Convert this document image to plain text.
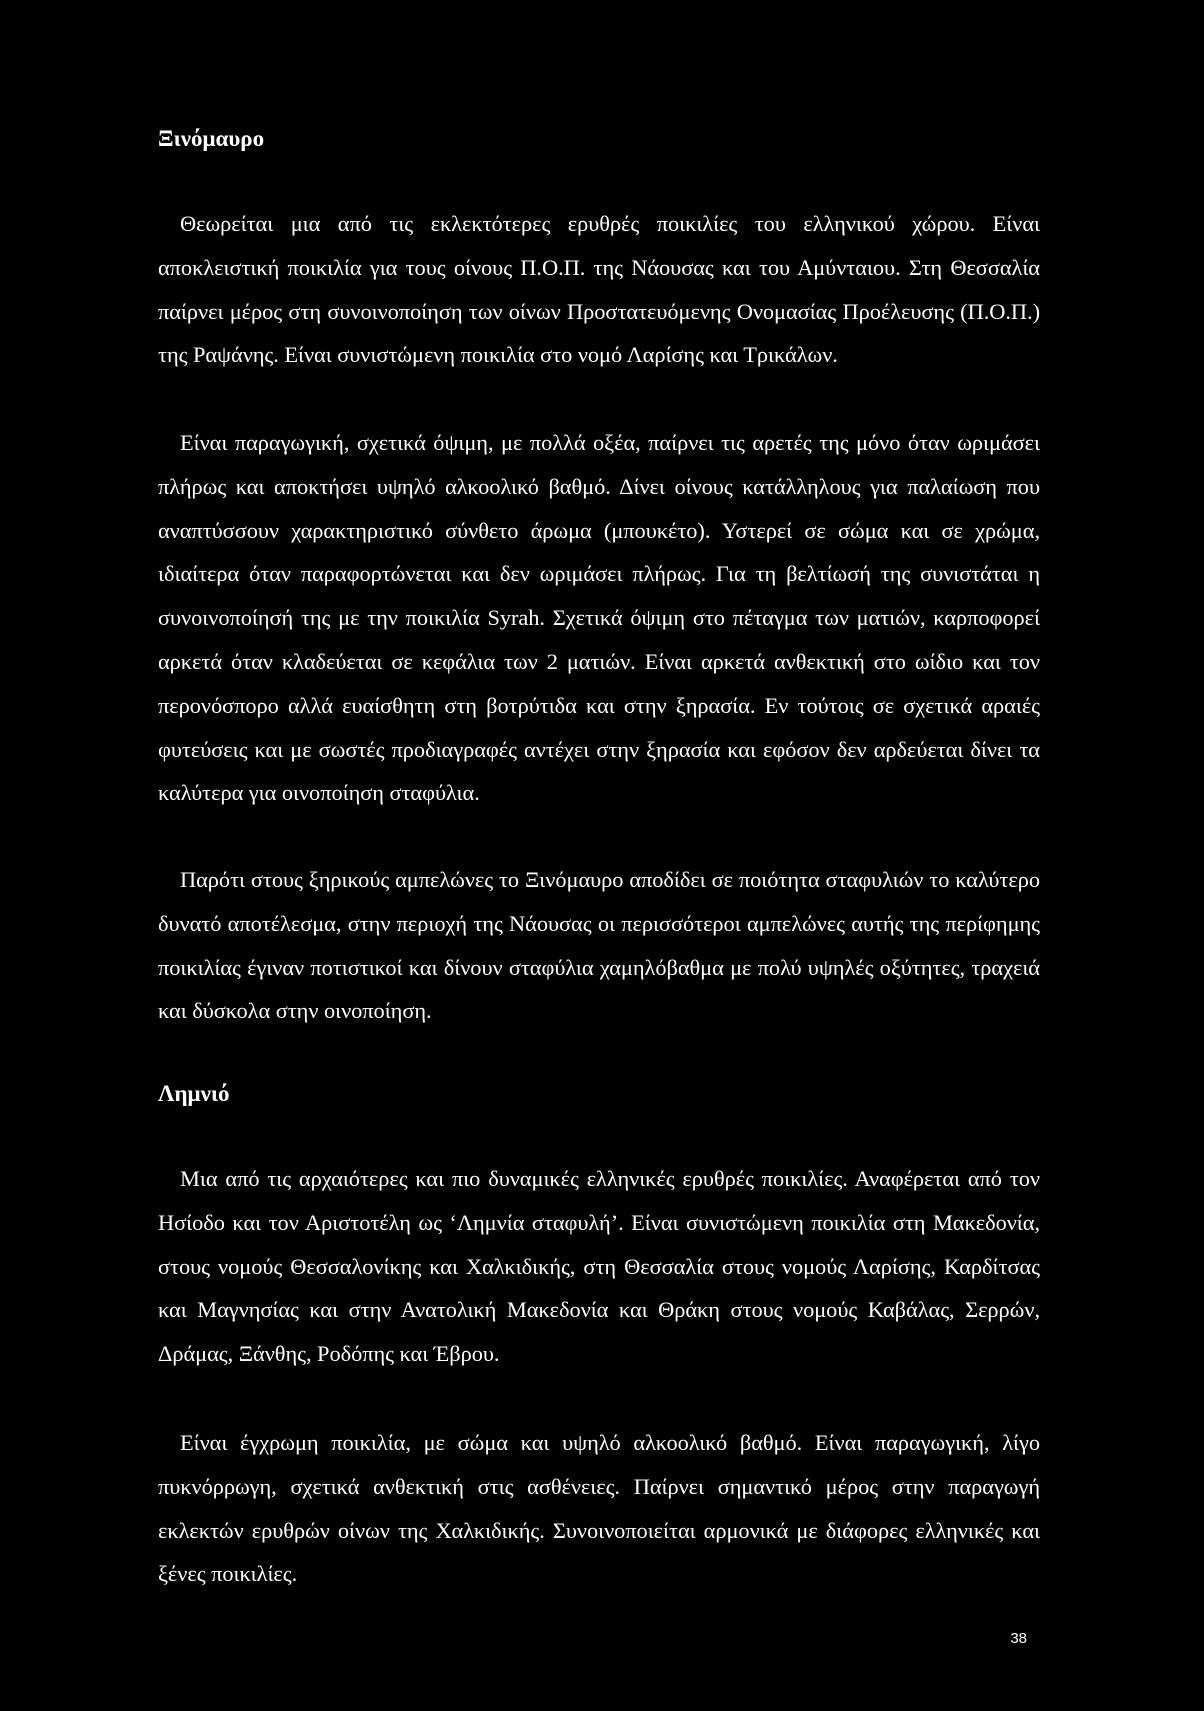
Ξινόμαυρο

Θεωρείται μια από τις εκλεκτότερες ερυθρές ποικιλίες του ελληνικού χώρου. Είναι αποκλειστική ποικιλία για τους οίνους Π.Ο.Π. της Νάουσας και του Αμύνταιου. Στη Θεσσαλία παίρνει μέρος στη συνοινοποίηση των οίνων Προστατευόμενης Ονομασίας Προέλευσης (Π.Ο.Π.) της Ραψάνης. Είναι συνιστώμενη ποικιλία στο νομό Λαρίσης και Τρικάλων.

Είναι παραγωγική, σχετικά όψιμη, με πολλά οξέα, παίρνει τις αρετές της μόνο όταν ωριμάσει πλήρως και αποκτήσει υψηλό αλκοολικό βαθμό. Δίνει οίνους κατάλληλους για παλαίωση που αναπτύσσουν χαρακτηριστικό σύνθετο άρωμα (μπουκέτο). Υστερεί σε σώμα και σε χρώμα, ιδιαίτερα όταν παραφορτώνεται και δεν ωριμάσει πλήρως. Για τη βελτίωσή της συνιστάται η συνοινοποίησή της με την ποικιλία Syrah. Σχετικά όψιμη στο πέταγμα των ματιών, καρποφορεί αρκετά όταν κλαδεύεται σε κεφάλια των 2 ματιών. Είναι αρκετά ανθεκτική στο ωίδιο και τον περονόσπορο αλλά ευαίσθητη στη βοτρύτιδα και στην ξηρασία. Εν τούτοις σε σχετικά αραιές φυτεύσεις και με σωστές προδιαγραφές αντέχει στην ξηρασία και εφόσον δεν αρδεύεται δίνει τα καλύτερα για οινοποίηση σταφύλια.

Παρότι στους ξηρικούς αμπελώνες το Ξινόμαυρο αποδίδει σε ποιότητα σταφυλιών το καλύτερο δυνατό αποτέλεσμα, στην περιοχή της Νάουσας οι περισσότεροι αμπελώνες αυτής της περίφημης ποικιλίας έγιναν ποτιστικοί και δίνουν σταφύλια χαμηλόβαθμα με πολύ υψηλές οξύτητες, τραχειά και δύσκολα στην οινοποίηση.

Λημνιό

Μια από τις αρχαιότερες και πιο δυναμικές ελληνικές ερυθρές ποικιλίες. Αναφέρεται από τον Ησίοδο και τον Αριστοτέλη ως ‘Λημνία σταφυλή’. Είναι συνιστώμενη ποικιλία στη Μακεδονία, στους νομούς Θεσσαλονίκης και Χαλκιδικής, στη Θεσσαλία στους νομούς Λαρίσης, Καρδίτσας και Μαγνησίας και στην Ανατολική Μακεδονία και Θράκη στους νομούς Καβάλας, Σερρών, Δράμας, Ξάνθης, Ροδόπης και Έβρου.

Είναι έγχρωμη ποικιλία, με σώμα και υψηλό αλκοολικό βαθμό. Είναι παραγωγική, λίγο πυκνόρρωγη, σχετικά ανθεκτική στις ασθένειες. Παίρνει σημαντικό μέρος στην παραγωγή εκλεκτών ερυθρών οίνων της Χαλκιδικής. Συνοινοποιείται αρμονικά με διάφορες ελληνικές και ξένες ποικιλίες.

38
